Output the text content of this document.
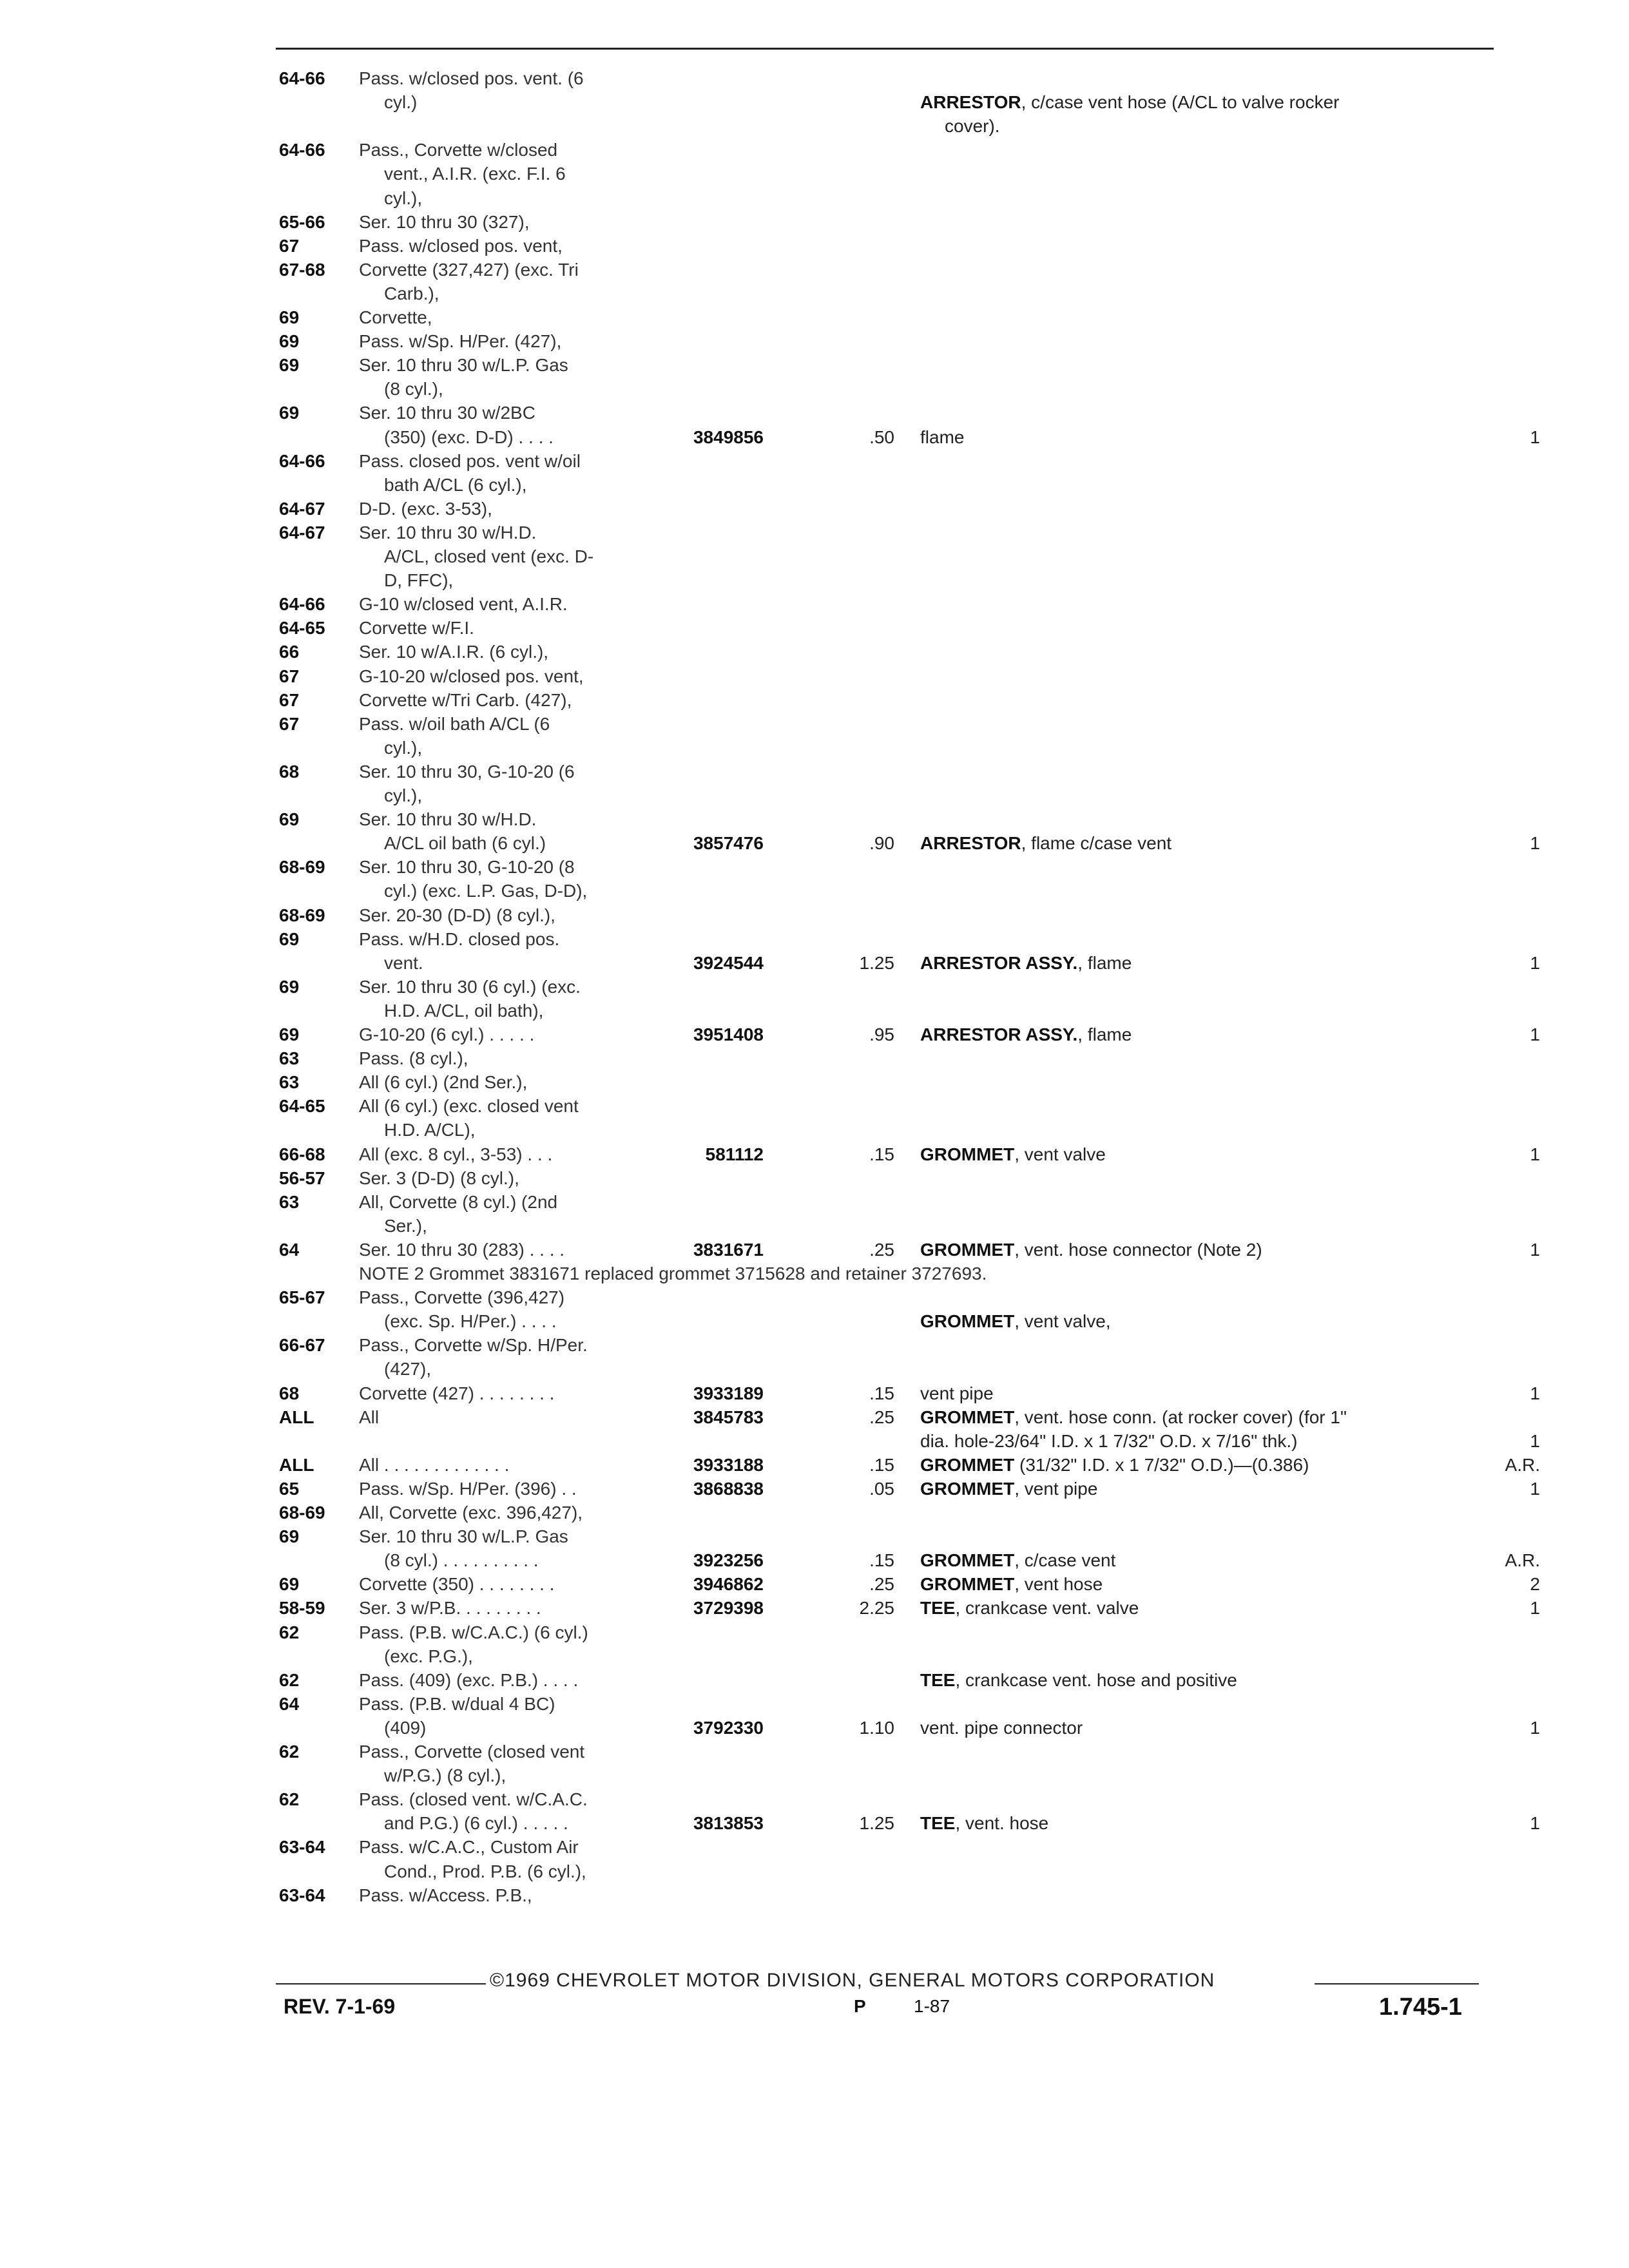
64-66 Pass. w/closed pos. vent. (6
cyl.)	ARRESTOR, c/case vent hose (A/CL to valve rocker
cover).
64-66 Pass., Corvette w/closed
vent., A.I.R. (exc. F.I. 6
cyl.),
65-66 Ser. 10 thru 30 (327),
67	Pass. w/closed pos. vent,
67-68 Corvette (327,427) (exc. Tri
Carb.),
69	Corvette,
69	Pass. w/Sp. H/Per. (427),
69	Ser. 10 thru 30 w/L.P. Gas
(8 cyl.),
69	Ser. 10 thru 30 w/2BC
(350) (exc. D-D) . . . .	3849856	.50 flame	1
64-66 Pass. closed pos. vent w/oil
bath A/CL (6 cyl.),
64-67 D-D. (exc. 3-53),
64-67 Ser. 10 thru 30 w/H.D.
A/CL, closed vent (exc. D-
D, FFC),
64-66 G-10 w/closed vent, A.I.R.
64-65 Corvette w/F.I.
66	Ser. 10 w/A.I.R. (6 cyl.),
67	G-10-20 w/closed pos. vent,
67	Corvette w/Tri Carb. (427),
67	Pass. w/oil bath A/CL (6
cyl.),
68	Ser. 10 thru 30, G-10-20 (6
cyl.),
69	Ser. 10 thru 30 w/H.D.
A/CL oil bath (6 cyl.)	3857476	.90 ARRESTOR, flame c/case vent	1
68-69 Ser. 10 thru 30, G-10-20 (8
cyl.) (exc. L.P. Gas, D-D),
68-69 Ser. 20-30 (D-D) (8 cyl.),
69	Pass. w/H.D. closed pos.
vent.	3924544	1.25 ARRESTOR ASSY., flame	1
69	Ser. 10 thru 30 (6 cyl.) (exc.
H.D. A/CL, oil bath),
69	G-10-20 (6 cyl.) . . . . .	3951408	.95 ARRESTOR ASSY., flame	1
63	Pass. (8 cyl.),
63	All (6 cyl.) (2nd Ser.),
64-65 All (6 cyl.) (exc. closed vent
H.D. A/CL),
66-68 All (exc. 8 cyl., 3-53) . . .	581112	.15 GROMMET, vent valve	1
56-57 Ser. 3 (D-D) (8 cyl.),
63	All, Corvette (8 cyl.) (2nd
Ser.),
64	Ser. 10 thru 30 (283) . . . .	3831671	.25 GROMMET, vent. hose connector (Note 2)	1
NOTE 2 Grommet 3831671 replaced grommet 3715628 and retainer 3727693.
65-67 Pass., Corvette (396,427)
(exc. Sp. H/Per.) . . . .	GROMMET, vent valve,
66-67 Pass., Corvette w/Sp. H/Per.
(427),
68	Corvette (427) . . . . . . . .	3933189	.15 vent pipe	1
ALL All	3845783	.25 GROMMET, vent. hose conn. (at rocker cover) (for 1"
dia. hole-23/64" I.D. x 1 7/32" O.D. x 7/16" thk.)	1
ALL All . . . . . . . . . . . . .	3933188	.15 GROMMET (31/32" I.D. x 1 7/32" O.D.)—(0.386)	A.R.
65	Pass. w/Sp. H/Per. (396) . .	3868838	.05 GROMMET, vent pipe	1
68-69 All, Corvette (exc. 396,427),
69	Ser. 10 thru 30 w/L.P. Gas
(8 cyl.) . . . . . . . . . .	3923256	.15 GROMMET, c/case vent	A.R.
69	Corvette (350) . . . . . . . .	3946862	.25 GROMMET, vent hose	2
58-59 Ser. 3 w/P.B. . . . . . . . .	3729398	2.25 TEE, crankcase vent. valve	1
62	Pass. (P.B. w/C.A.C.) (6 cyl.)
(exc. P.G.),
62	Pass. (409) (exc. P.B.) . . . .	TEE, crankcase vent. hose and positive
64	Pass. (P.B. w/dual 4 BC)
(409)	3792330	1.10 vent. pipe connector	1
62	Pass., Corvette (closed vent
w/P.G.) (8 cyl.),
62	Pass. (closed vent. w/C.A.C.
and P.G.) (6 cyl.) . . . . .	3813853	1.25 TEE, vent. hose	1
63-64 Pass. w/C.A.C., Custom Air
Cond., Prod. P.B. (6 cyl.),
63-64 Pass. w/Access. P.B.,
©1969 CHEVROLET MOTOR DIVISION, GENERAL MOTORS CORPORATION
REV. 7-1-69	P	1-87	1.745-1
